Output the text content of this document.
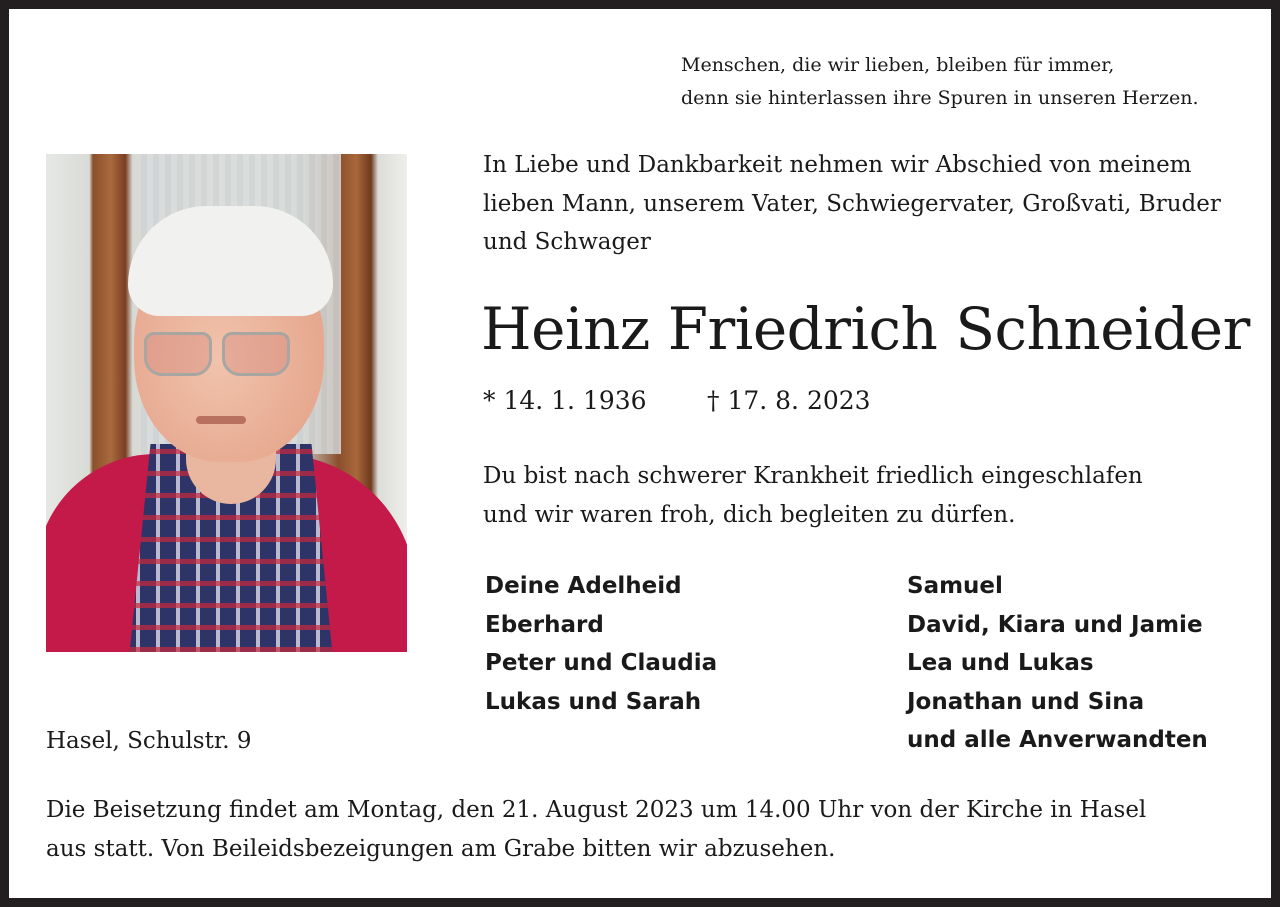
Menschen, die wir lieben, bleiben für immer,
denn sie hinterlassen ihre Spuren in unseren Herzen.
In Liebe und Dankbarkeit nehmen wir Abschied von meinem
lieben Mann, unserem Vater, Schwiegervater, Großvati, Bruder
und Schwager
Heinz Friedrich Schneider
* 14. 1. 1936 † 17. 8. 2023
Du bist nach schwerer Krankheit friedlich eingeschlafen
und wir waren froh, dich begleiten zu dürfen.
Deine Adelheid
Eberhard
Peter und Claudia
Lukas und Sarah
Samuel
David, Kiara und Jamie
Lea und Lukas
Jonathan und Sina
und alle Anverwandten
Hasel, Schulstr. 9
Die Beisetzung findet am Montag, den 21. August 2023 um 14.00 Uhr von der Kirche in Hasel
aus statt. Von Beileidsbezeigungen am Grabe bitten wir abzusehen.
